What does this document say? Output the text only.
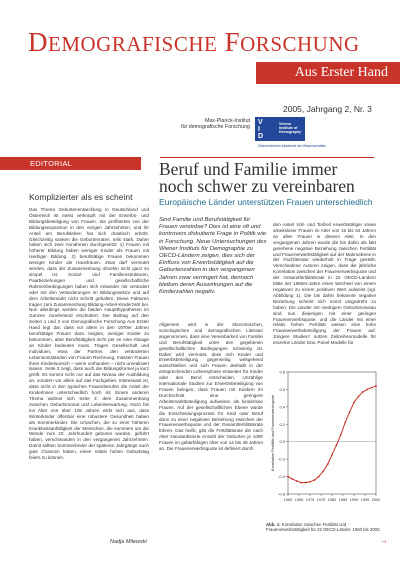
DEMOGRAFISCHE FORSCHUNG
Aus Erster Hand
2005, Jahrgang 2, Nr. 3
Max-Planck-Institut
für demografische Forschung
V
I
D
Vienna
Institute of
Demography
Österreichische Akademie der Wissenschaften
EDITORIAL
Komplizierter als es scheint

Das Thema Geburtenentwicklung in Deutschland und Österreich ist meist verknüpft mit der Erwerbs- und Bildungsbeteiligung von Frauen. Sie profitierten von der Bildungsexpansion in den vorigen Jahrzehnten, und ihr Anteil am Berufsleben hat sich drastisch erhöht. Gleichzeitig sanken die Geburtenraten, teils stark. Daher haben sich zwei Annahmen durchgesetzt: 1) Frauen mit höherer Bildung haben weniger Kinder als Frauen mit niedriger Bildung. 2) berufstätige Frauen bekommen weniger Kinder als Hausfrauen. Zwar darf vermutet werden, dass der Zusammenhang ohnehin nicht ganz so simpel ist: Sozial- und Familienstrukturen, Paarbeziehungen und gesellschaftliche Rahmenbedingungen haben sich entweder mit verändert oder mit den Veränderungen im Bildungssektor und auf dem Arbeitsmarkt nicht Schritt gehalten. Diese Faktoren tragen zum Zusammenhang Bildung-Arbeit-Kinderzahl bei. Nun allerdings werden die beiden Hauptthypothesen im Ganzen zunehmend erschüttert. Der Beitrag auf den Seiten 1 und 2 von Demografische Forschung Aus Erster Hand legt dar, dass vor allem in den 1970er Jahren berufstätige Frauen dazu neigten, weniger Kinder zu bekommen, aber Berufstätigkeit nicht per se eine Absage an Kinder bedeuten muss. Tragen Gesellschaft und Individuen, etwa der Partner, den veränderten Lebensumständen von Frauen Rechnung, müssen Frauen ihren Kinderwunsch – wenn vorhanden – nicht unrealisiert lassen. Seite 3 zeigt, dass auch die Bildungsformel ja kurz greift. Es kommt nicht nur auf das Niveau der Ausbildung an, sondern vor allem auf das Fachgebiet. Interessant ist, dass nicht in den typischen Frauenberufen die Anteil der Kinderlosen unterschiedlich hoch ist. Einem anderen Thema widmet sich Seite 4: dem Zusammenhang zwischen Geburtsmonat und Lebenserwartung. Noch bis ins Alter von über 105 Jahren wirkt sich aus, dass Winterkinder offenbar eine robustere Gesundheit haben als Sommerkinder. Die Ursachen, die zu einer höheren Krankheitsanfälligkeit der Menschen, die sommers um die Wende zum 20. Jahrhundert geboren wurden, geführt haben, verschwanden in den vergangenen Jahrzehnten. Damit sollten Sommerkinder der späteren Jahrgänge auch gute Chancen haben, einen relativ hohen Geburtstag feiern zu können.

Nadja Milewski
Beruf und Familie immer noch schwer zu vereinbaren
Europäische Länder unterstützen Frauen unterschiedlich
Sind Familie und Berufstätigkeit für Frauen vereinbar? Dies ist eine oft und kontrovers diskutierte Frage in Politik wie in Forschung. Neue Untersuchungen des Wiener Instituts für Demographie zu OECD-Ländern zeigen, dies sich der Einfluss von Erwerbstätigkeit auf die Geburtenzahlen in den vergangenen Jahren zwar verringert hat, dennoch bleiben deren Auswirkungen auf die Kinderzahlen negativ.

Allgemein wird in der ökonomischen, soziologischen und demografischen Literatur angenommen, dass eine Vereinbarkeit von Familie und Berufstätigkeit unter den gegebenen gesellschaftlichen Bedingungen schwierig ist. Daher wird vermutet, dass sich Kinder und Erwerbsbeteiligung gegenseitig weitgehend ausschließen und sich Frauen deshalb in der entsprechenden Lebensphase entweder für Kinder oder den Beruf entscheiden. Unzählige internationale Studien zur Erwerbsbeteiligung von Frauen belegen, dass Frauen mit Kindern im Durchschnitt eine geringere Arbeitsmarktbeteiligung aufweisen als kinderlose Frauen. Auf der gesellschaftlichen Ebene würde die Entscheidungsprozess für Kind oder Beruf dann zu einer negativen Beziehung zwischen der Frauenerwerbsquote und der Gesamtfertilitätsrate führen. Das heißt, gibt die Fertilitätsrate die nach Alter standardisierte Anzahl der Geburten je 1000 Frauen im gebärfähigen Alter von 14 bis 49 Jahren an. Die Frauenerwerbsquote ist definiert durch

den Anteil Voll- und Teilzeit erwerbstätiger sowie arbeitsloser Frauen im Alter von 15 bis 64 Jahren an allen Frauen in diesem Alter. In den vergangenen Jahren wurde die bis dahin als fakt gesehene negative Beziehung zwischen Fertilität und Frauenerwerbstätigkeit auf der Makroebene in der Fachliteratur wiederholt in Frage gestellt. Verschiedene Autoren zeigen, dass die jährliche Korrelation zwischen der Frauenerwerbsquote und der Gesamtfertilitätsrate in 22 OECD-Ländern Mitte der 1980er-Jahre einen Wechsel von einem negativen zu einem positiven Wert aufweist (vgl. Abbildung 1). Die bis dahin bekannte negative Beziehung scheint sich somit umgedreht zu haben: Die Länder mit niedrigem Geburtenniveau sind nun diejenigen mit einer geringen Frauenerwerbsquote, und die Länder mit einer relativ hohen Fertilität weisen eine hohe Frauenerwerbsbeteiligung der Frauen auf. Jüngere Studien* nutzen Zeitreihenmodelle für einzelne Länder bzw. Panel-Modelle für

-0.6
-0.4
-0.2
0.0
0.2
0.4
0.6
0.8
1960 1965 1970 1975 1980 1985 1990 1995 2000
Korrelation Fertilität und Frauenerwerbsquote
Abb. 1: Korrelation zwischen Fertilität und Frauenerwerbstätigkeit für 22 OECD-Länder, 1960 bis 2000.
→
